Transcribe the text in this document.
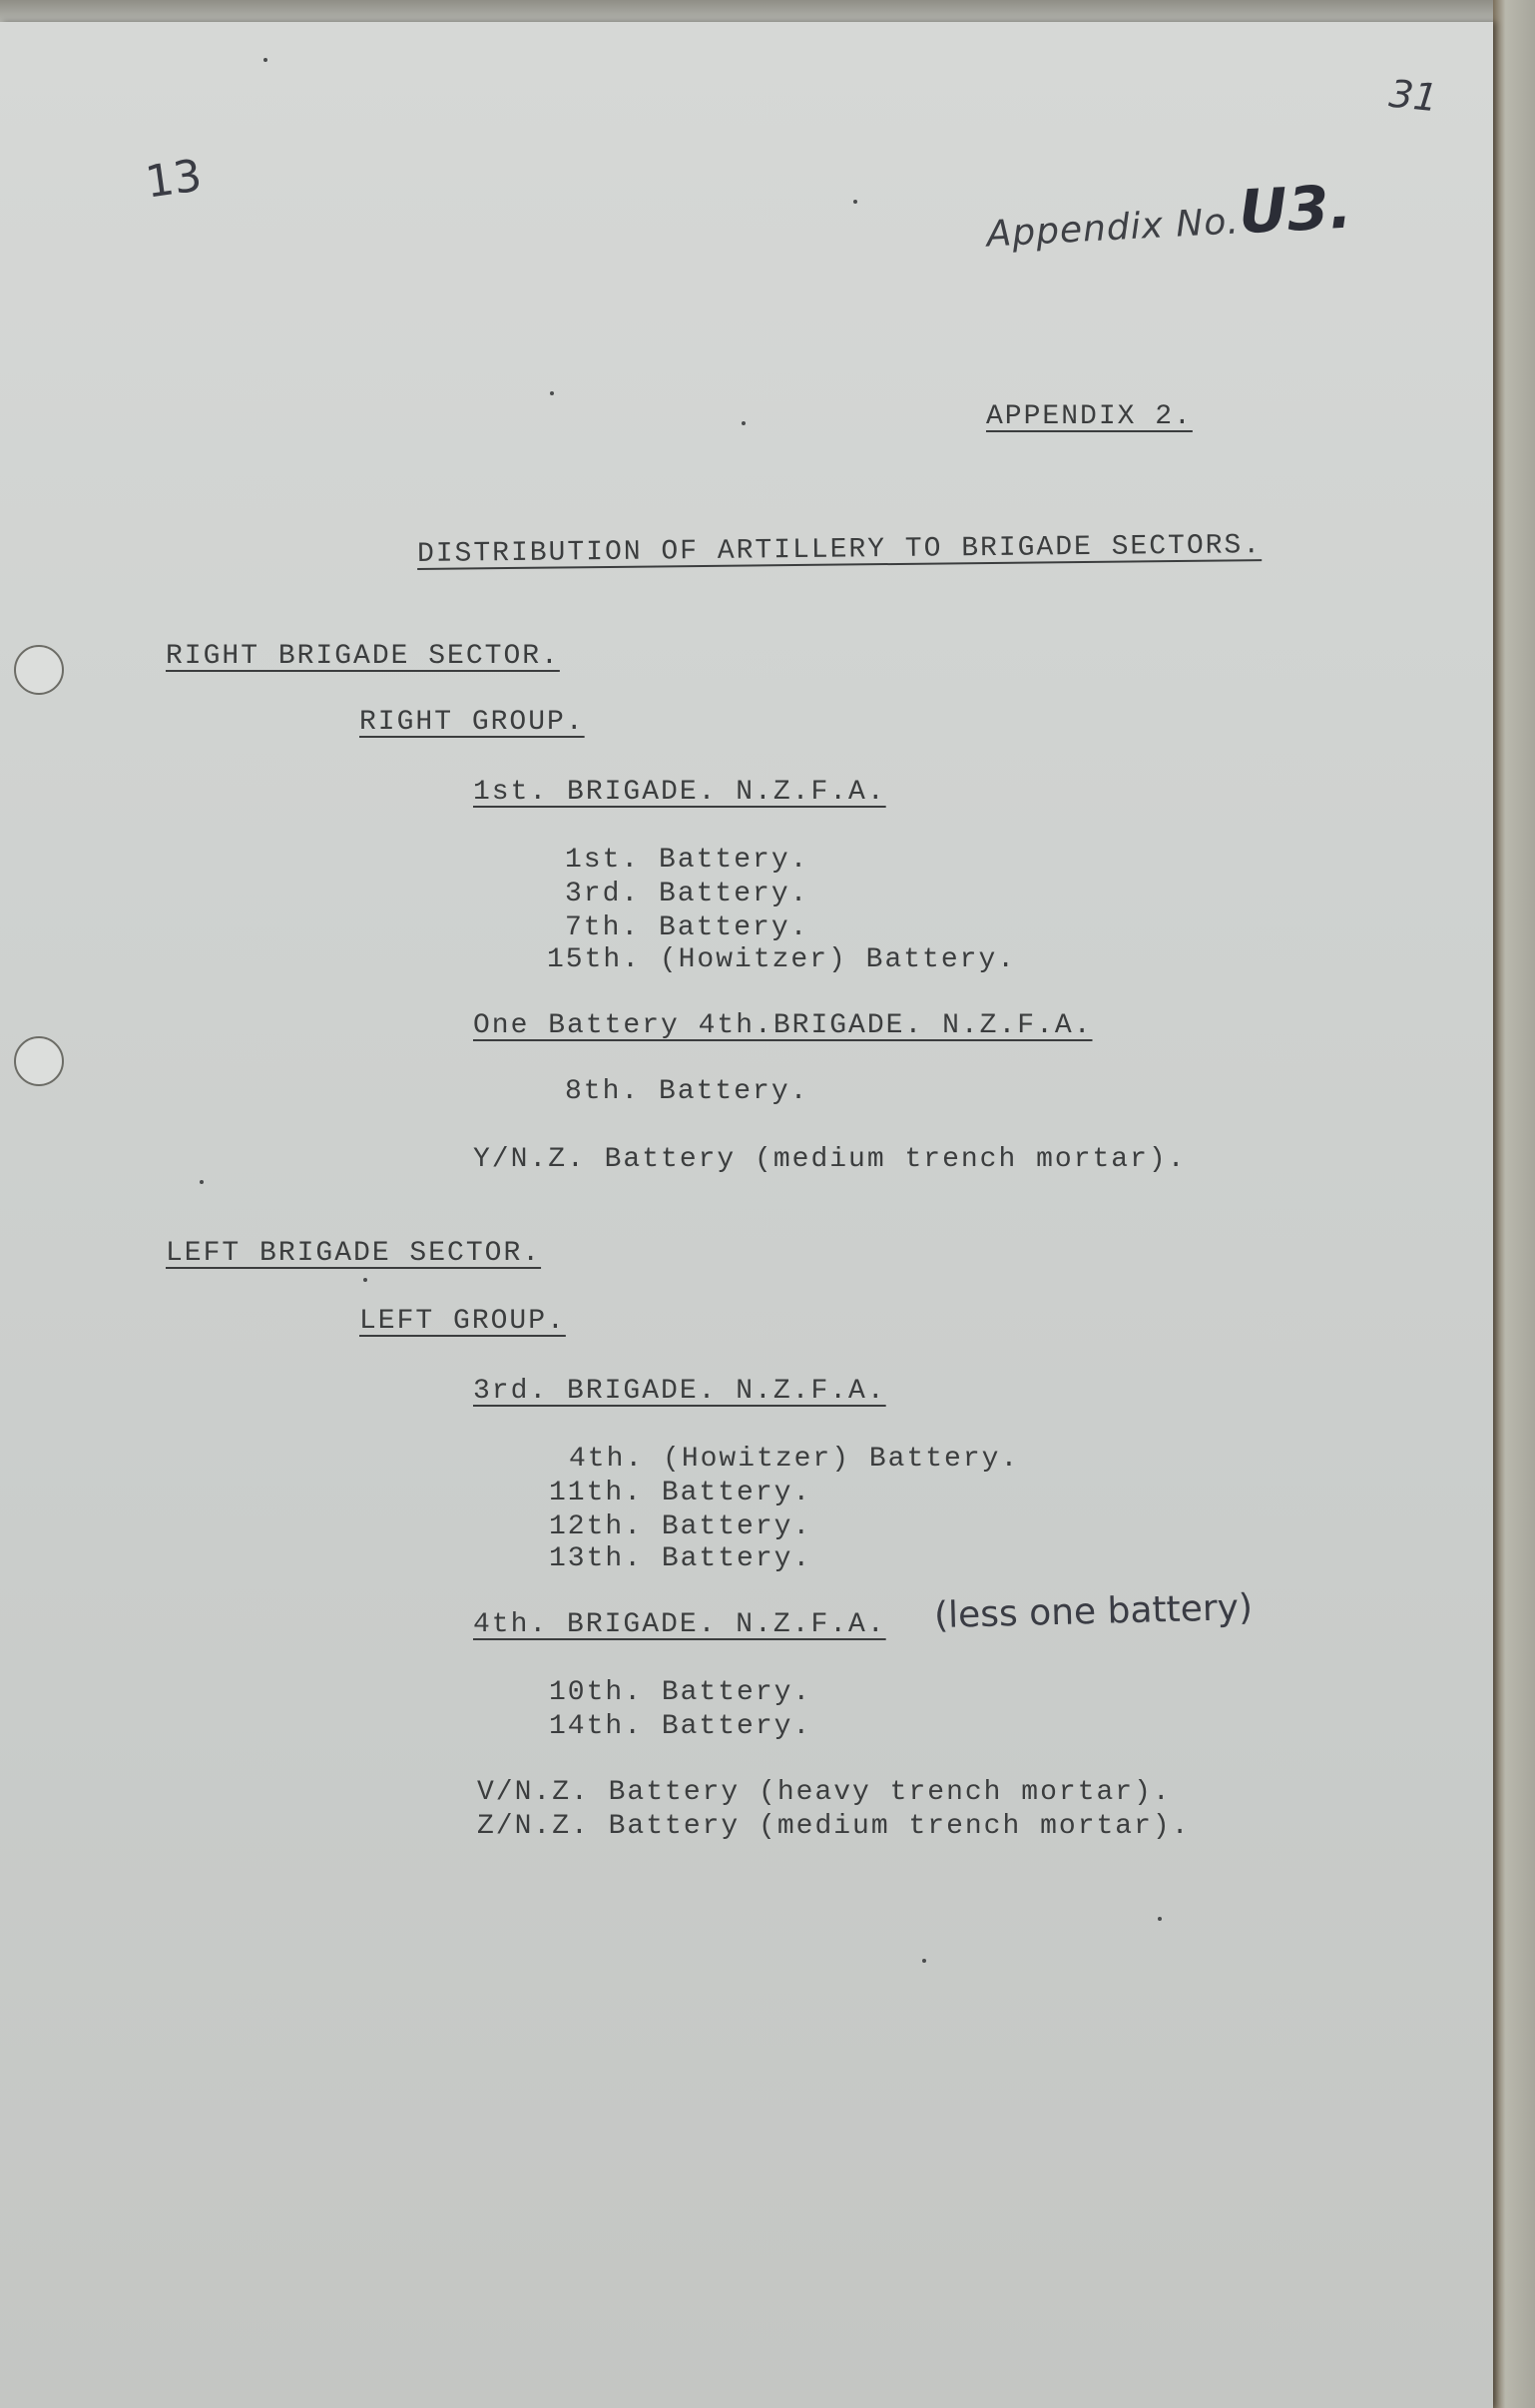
31
13
Appendix No.U3.
APPENDIX 2.
DISTRIBUTION OF ARTILLERY TO BRIGADE SECTORS.
RIGHT BRIGADE SECTOR.
RIGHT GROUP.
1st. BRIGADE. N.Z.F.A.
1st. Battery.
3rd. Battery.
7th. Battery.
15th. (Howitzer) Battery.
One Battery 4th.BRIGADE. N.Z.F.A.
8th. Battery.
Y/N.Z. Battery (medium trench mortar).
LEFT BRIGADE SECTOR.
LEFT GROUP.
3rd. BRIGADE. N.Z.F.A.
4th. (Howitzer) Battery.
11th. Battery.
12th. Battery.
13th. Battery.
4th. BRIGADE. N.Z.F.A. (less one battery)
10th. Battery.
14th. Battery.
V/N.Z. Battery (heavy trench mortar).
Z/N.Z. Battery (medium trench mortar).
